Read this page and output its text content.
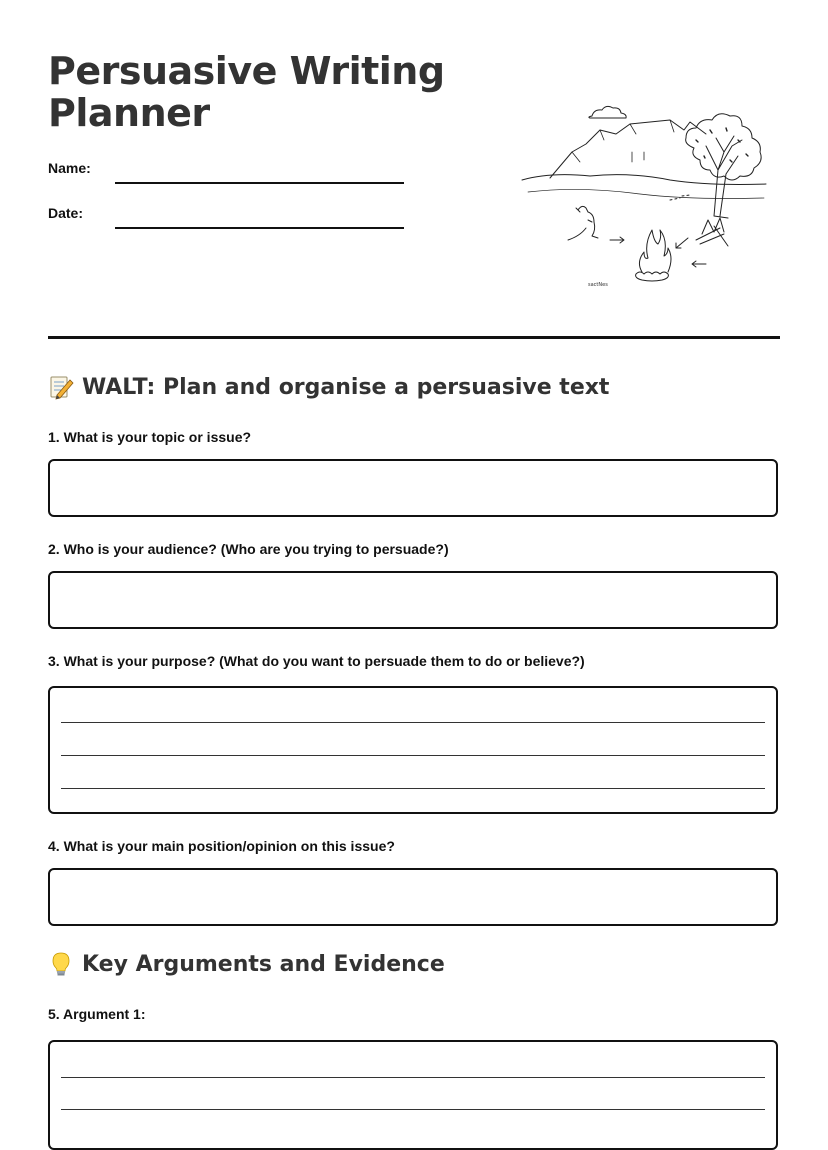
Persuasive Writing
Planner
Name:
Date:
sactNes
WALT: Plan and organise a persuasive text

1. What is your topic or issue?

2. Who is your audience? (Who are you trying to persuade?)

3. What is your purpose? (What do you want to persuade them to do or believe?)

4. What is your main position/opinion on this issue?

Key Arguments and Evidence

5. Argument 1:
